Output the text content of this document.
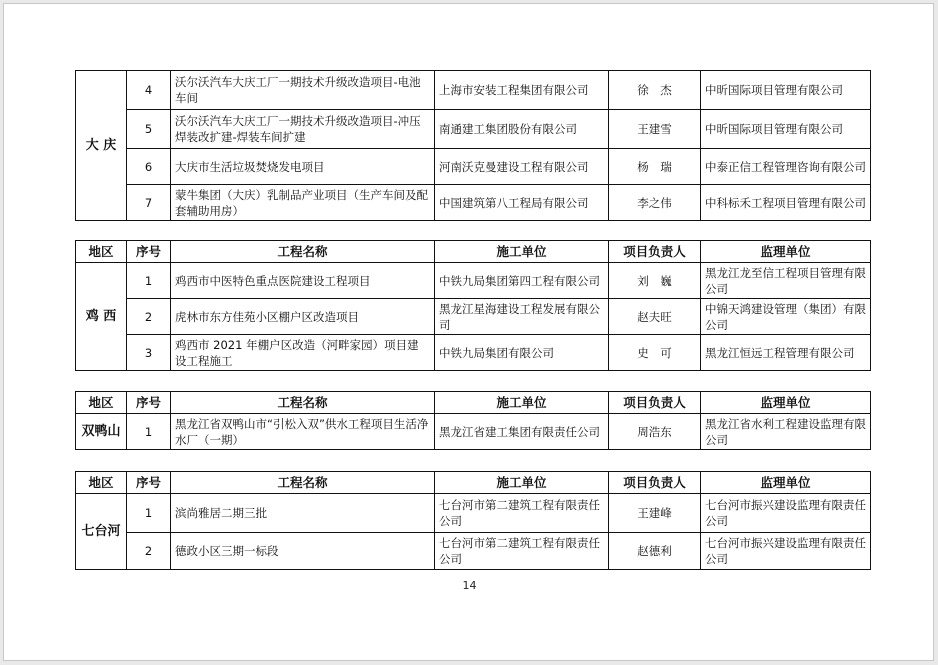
大 庆	4	沃尔沃汽车大庆工厂一期技术升级改造项目-电池车间	上海市安装工程集团有限公司	徐　杰	中昕国际项目管理有限公司
	5	沃尔沃汽车大庆工厂一期技术升级改造项目-冲压焊装改扩建-焊装车间扩建	南通建工集团股份有限公司	王建雪	中昕国际项目管理有限公司
	6	大庆市生活垃圾焚烧发电项目	河南沃克曼建设工程有限公司	杨　瑞	中泰正信工程管理咨询有限公司
	7	蒙牛集团（大庆）乳制品产业项目（生产车间及配套辅助用房）	中国建筑第八工程局有限公司	李之伟	中科标禾工程项目管理有限公司
地区	序号	工程名称	施工单位	项目负责人	监理单位
鸡 西	1	鸡西市中医特色重点医院建设工程项目	中铁九局集团第四工程有限公司	刘　巍	黑龙江龙至信工程项目管理有限公司
	2	虎林市东方佳苑小区棚户区改造项目	黑龙江星海建设工程发展有限公司	赵夫旺	中锦天鸿建设管理（集团）有限公司
	3	鸡西市 2021 年棚户区改造（河畔家园）项目建设工程施工	中铁九局集团有限公司	史　可	黑龙江恒远工程管理有限公司
地区	序号	工程名称	施工单位	项目负责人	监理单位
双鸭山	1	黑龙江省双鸭山市“引松入双”供水工程项目生活净水厂（一期）	黑龙江省建工集团有限责任公司	周浩东	黑龙江省水利工程建设监理有限公司
地区	序号	工程名称	施工单位	项目负责人	监理单位
七台河	1	滨尚雅居二期三批	七台河市第二建筑工程有限责任公司	王建峰	七台河市振兴建设监理有限责任公司
	2	德政小区三期一标段	七台河市第二建筑工程有限责任公司	赵德利	七台河市振兴建设监理有限责任公司
14
